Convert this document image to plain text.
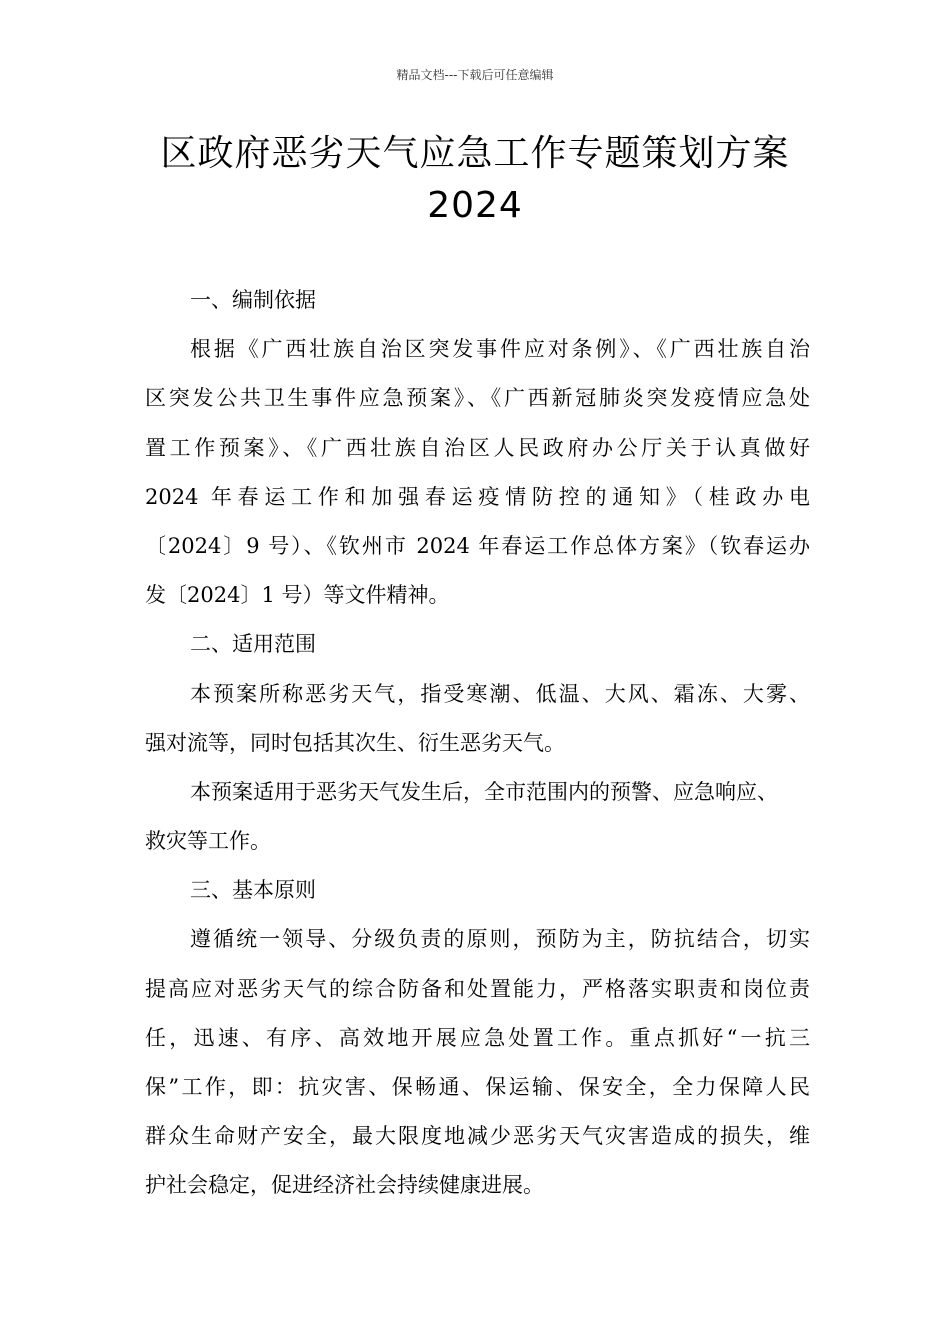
精品文档---下载后可任意编辑
区政府恶劣天气应急工作专题策划方案
2024
一、编制依据
根据《广西壮族自治区突发事件应对条例》、《广西壮族自治
区突发公共卫生事件应急预案》、《广西新冠肺炎突发疫情应急处
置工作预案》、《广西壮族自治区人民政府办公厅关于认真做好
2024 年春运工作和加强春运疫情防控的通知》（桂政办电
〔2024〕9 号）、《钦州市 2024 年春运工作总体方案》（钦春运办
发〔2024〕1 号）等文件精神。
二、适用范围
本预案所称恶劣天气，指受寒潮、低温、大风、霜冻、大雾、
强对流等，同时包括其次生、衍生恶劣天气。
本预案适用于恶劣天气发生后，全市范围内的预警、应急响应、
救灾等工作。
三、基本原则
遵循统一领导、分级负责的原则，预防为主，防抗结合，切实
提高应对恶劣天气的综合防备和处置能力，严格落实职责和岗位责
任，迅速、有序、高效地开展应急处置工作。重点抓好“一抗三
保”工作，即：抗灾害、保畅通、保运输、保安全，全力保障人民
群众生命财产安全，最大限度地减少恶劣天气灾害造成的损失，维
护社会稳定，促进经济社会持续健康进展。
